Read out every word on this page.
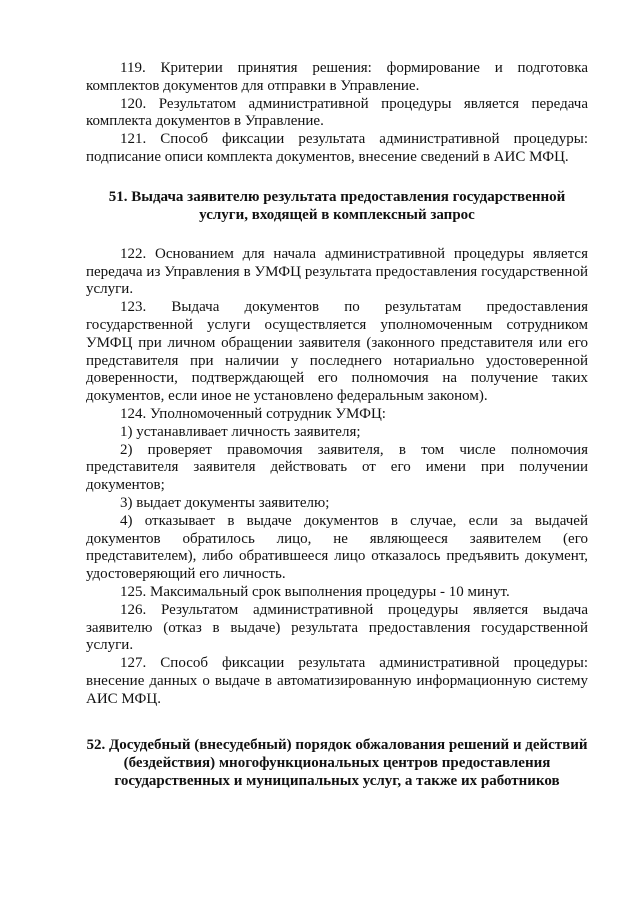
119. Критерии принятия решения: формирование и подготовка комплектов документов для отправки в Управление.

120. Результатом административной процедуры является передача комплекта документов в Управление.

121. Способ фиксации результата административной процедуры: подписание описи комплекта документов, внесение сведений в АИС МФЦ.

51. Выдача заявителю результата предоставления государственной услуги, входящей в комплексный запрос

122. Основанием для начала административной процедуры является передача из Управления в УМФЦ результата предоставления государственной услуги.

123. Выдача документов по результатам предоставления государственной услуги осуществляется уполномоченным сотрудником УМФЦ при личном обращении заявителя (законного представителя или его представителя при наличии у последнего нотариально удостоверенной доверенности, подтверждающей его полномочия на получение таких документов, если иное не установлено федеральным законом).

124. Уполномоченный сотрудник УМФЦ:

1) устанавливает личность заявителя;

2) проверяет правомочия заявителя, в том числе полномочия представителя заявителя действовать от его имени при получении документов;

3) выдает документы заявителю;

4) отказывает в выдаче документов в случае, если за выдачей документов обратилось лицо, не являющееся заявителем (его представителем), либо обратившееся лицо отказалось предъявить документ, удостоверяющий его личность.

125. Максимальный срок выполнения процедуры - 10 минут.

126. Результатом административной процедуры является выдача заявителю (отказ в выдаче) результата предоставления государственной услуги.

127. Способ фиксации результата административной процедуры: внесение данных о выдаче в автоматизированную информационную систему АИС МФЦ.

52. Досудебный (внесудебный) порядок обжалования решений и действий (бездействия) многофункциональных центров предоставления государственных и муниципальных услуг, а также их работников
